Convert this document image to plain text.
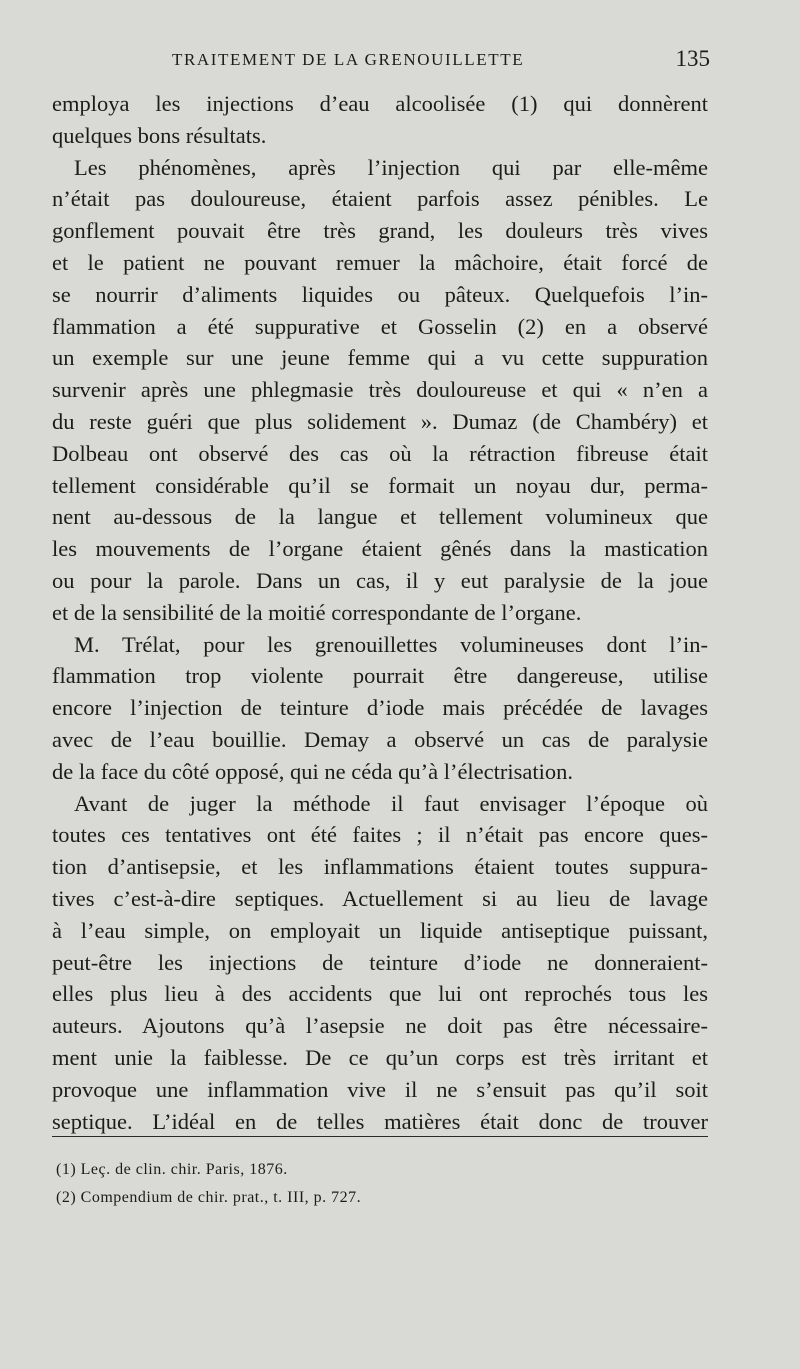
TRAITEMENT DE LA GRENOUILLETTE	135
employa les injections d’eau alcoolisée (1) qui donnèrent
quelques bons résultats.
Les phénomènes, après l’injection qui par elle-même
n’était pas douloureuse, étaient parfois assez pénibles. Le
gonflement pouvait être très grand, les douleurs très vives
et le patient ne pouvant remuer la mâchoire, était forcé de
se nourrir d’aliments liquides ou pâteux. Quelquefois l’in-
flammation a été suppurative et Gosselin (2) en a observé
un exemple sur une jeune femme qui a vu cette suppuration
survenir après une phlegmasie très douloureuse et qui « n’en a
du reste guéri que plus solidement ». Dumaz (de Chambéry) et
Dolbeau ont observé des cas où la rétraction fibreuse était
tellement considérable qu’il se formait un noyau dur, perma-
nent au-dessous de la langue et tellement volumineux que
les mouvements de l’organe étaient gênés dans la mastication
ou pour la parole. Dans un cas, il y eut paralysie de la joue
et de la sensibilité de la moitié correspondante de l’organe.
M. Trélat, pour les grenouillettes volumineuses dont l’in-
flammation trop violente pourrait être dangereuse, utilise
encore l’injection de teinture d’iode mais précédée de lavages
avec de l’eau bouillie. Demay a observé un cas de paralysie
de la face du côté opposé, qui ne céda qu’à l’électrisation.
Avant de juger la méthode il faut envisager l’époque où
toutes ces tentatives ont été faites ; il n’était pas encore ques-
tion d’antisepsie, et les inflammations étaient toutes suppura-
tives c’est-à-dire septiques. Actuellement si au lieu de lavage
à l’eau simple, on employait un liquide antiseptique puissant,
peut-être les injections de teinture d’iode ne donneraient-
elles plus lieu à des accidents que lui ont reprochés tous les
auteurs. Ajoutons qu’à l’asepsie ne doit pas être nécessaire-
ment unie la faiblesse. De ce qu’un corps est très irritant et
provoque une inflammation vive il ne s’ensuit pas qu’il soit
septique. L’idéal en de telles matières était donc de trouver
(1) Leç. de clin. chir. Paris, 1876.
(2) Compendium de chir. prat., t. III, p. 727.
